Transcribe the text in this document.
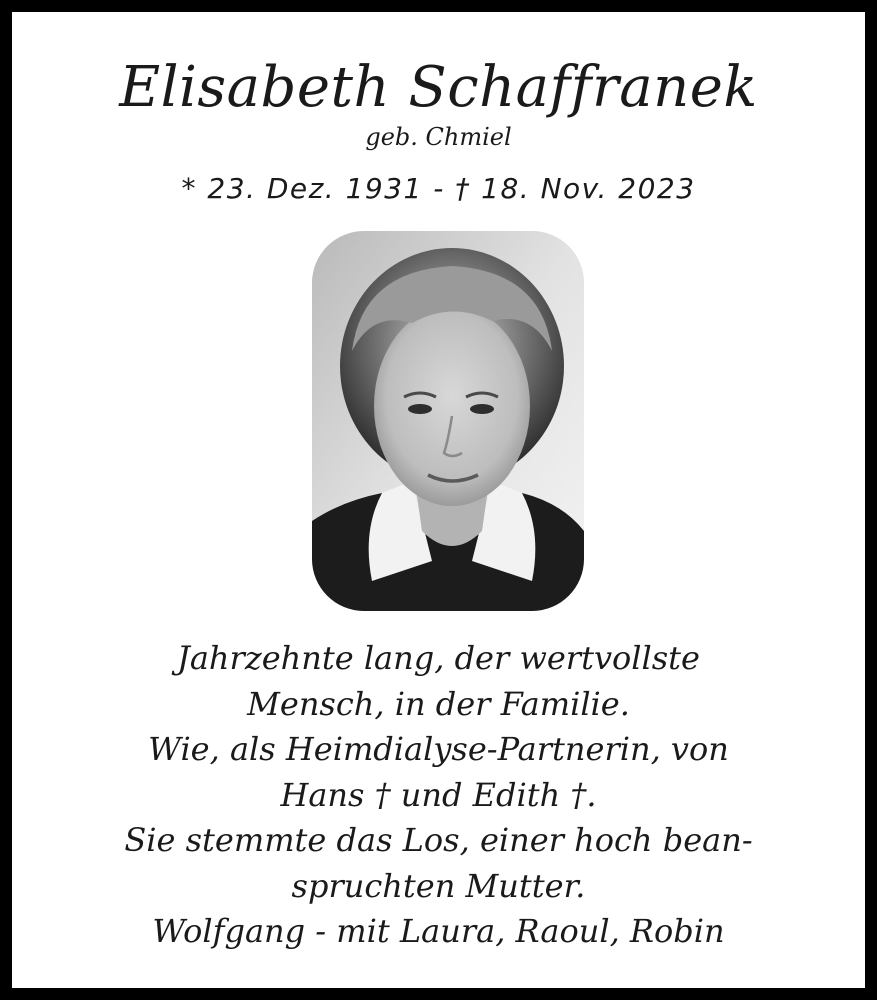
Elisabeth Schaffranek
geb. Chmiel
* 23. Dez. 1931 - † 18. Nov. 2023
Jahrzehnte lang, der wertvollste
Mensch, in der Familie.
Wie, als Heimdialyse-Partnerin, von
Hans † und Edith †.
Sie stemmte das Los, einer hoch bean-
spruchten Mutter.
Wolfgang - mit Laura, Raoul, Robin
